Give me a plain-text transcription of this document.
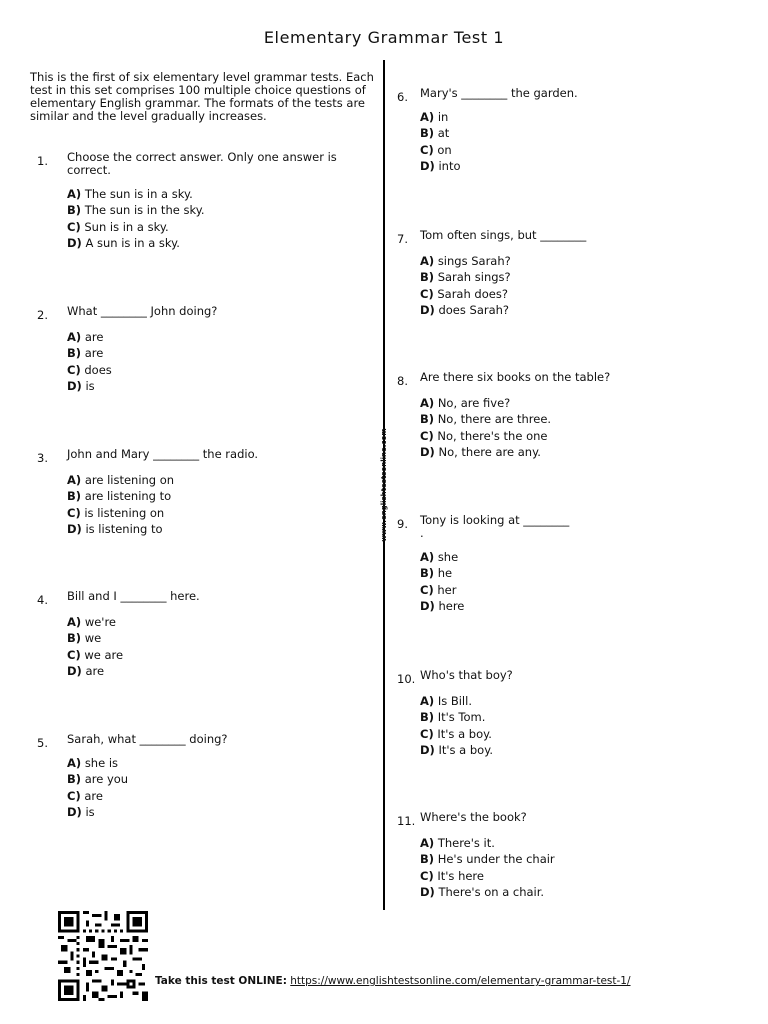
Elementary Grammar Test 1
This is the first of six elementary level grammar tests. Each test in this set comprises 100 multiple choice questions of elementary English grammar. The formats of the tests are similar and the level gradually increases.
www.englishtestsonline.com
1. Choose the correct answer. Only one answer is correct.
A) The sun is in a sky.
B) The sun is in the sky.
C) Sun is in a sky.
D) A sun is in a sky.
2. What ________ John doing?
A) are
B) are
C) does
D) is
3. John and Mary ________ the radio.
A) are listening on
B) are listening to
C) is listening on
D) is listening to
4. Bill and I ________ here.
A) we're
B) we
C) we are
D) are
5. Sarah, what ________ doing?
A) she is
B) are you
C) are
D) is
6. Mary's ________ the garden.
A) in
B) at
C) on
D) into
7. Tom often sings, but ________
A) sings Sarah?
B) Sarah sings?
C) Sarah does?
D) does Sarah?
8. Are there six books on the table?
A) No, are five?
B) No, there are three.
C) No, there's the one
D) No, there are any.
9. Tony is looking at ________ .
A) she
B) he
C) her
D) here
10. Who's that boy?
A) Is Bill.
B) It's Tom.
C) It's a boy.
D) It's a boy.
11. Where's the book?
A) There's it.
B) He's under the chair
C) It's here
D) There's on a chair.
Take this test ONLINE: https://www.englishtestsonline.com/elementary-grammar-test-1/
